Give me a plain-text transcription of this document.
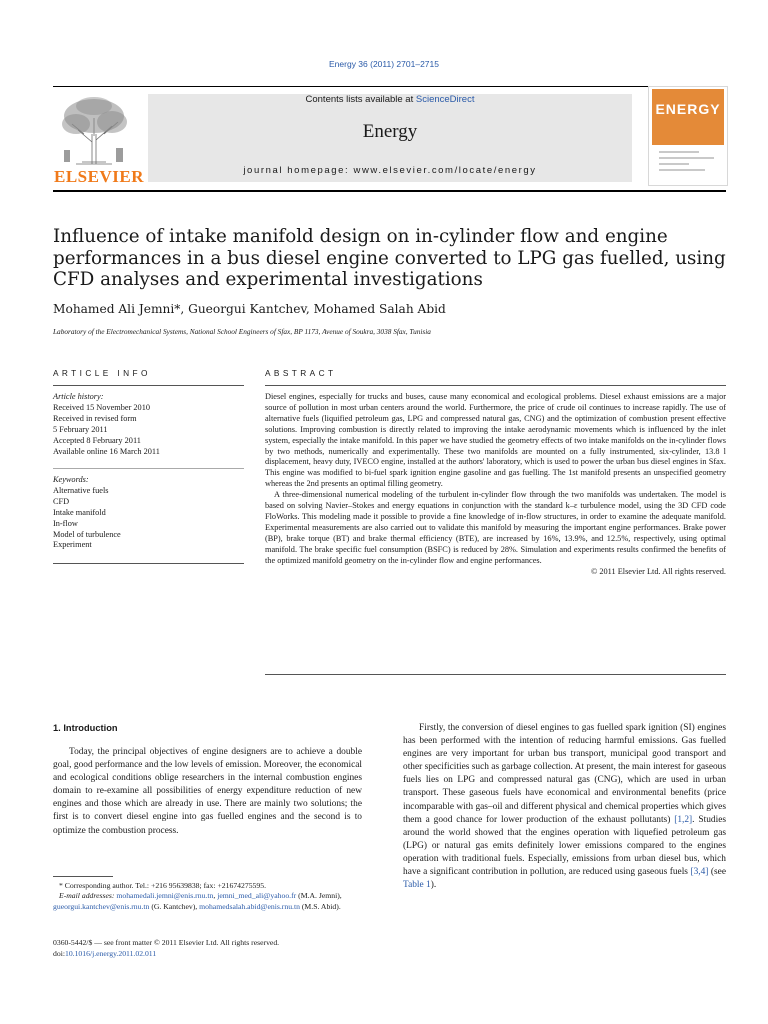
Energy 36 (2011) 2701–2715
ELSEVIER
Contents lists available at ScienceDirect
Energy
journal homepage: www.elsevier.com/locate/energy
ENERGY
Influence of intake manifold design on in-cylinder flow and engine performances in a bus diesel engine converted to LPG gas fuelled, using CFD analyses and experimental investigations
Mohamed Ali Jemni*, Gueorgui Kantchev, Mohamed Salah Abid
Laboratory of the Electromechanical Systems, National School Engineers of Sfax, BP 1173, Avenue of Soukra, 3038 Sfax, Tunisia
ARTICLE INFO	ABSTRACT
Article history:
Received 15 November 2010
Received in revised form
5 February 2011
Accepted 8 February 2011
Available online 16 March 2011
Keywords:
Alternative fuels
CFD
Intake manifold
In-flow
Model of turbulence
Experiment

Diesel engines, especially for trucks and buses, cause many economical and ecological problems. Diesel exhaust emissions are a major source of pollution in most urban centers around the world. Furthermore, the price of crude oil continues to increase rapidly. The use of alternative fuels (liquified petroleum gas, LPG and compressed natural gas, CNG) and the optimization of combustion present effective solutions. Improving combustion is directly related to improving the intake aerodynamic movements which is influenced by the inlet system, especially the intake manifold. In this paper we have studied the geometry effects of two intake manifolds on the in-cylinder flows by two methods, numerically and experimentally. These two manifolds are mounted on a fully instrumented, six-cylinder, 13.8 l displacement, heavy duty, IVECO engine, installed at the authors' laboratory, which is used to power the urban bus diesel engines in Sfax. This engine was modified to bi-fuel spark ignition engine gasoline and gas fuelling. The 1st manifold presents an unspecified geometry whereas the 2nd presents an optimal filling geometry.

A three-dimensional numerical modeling of the turbulent in-cylinder flow through the two manifolds was undertaken. The model is based on solving Navier–Stokes and energy equations in conjunction with the standard k–ε turbulence model, using the 3D CFD code FloWorks. This modeling made it possible to provide a fine knowledge of in-flow structures, in order to examine the adequate manifold. Experimental measurements are also carried out to validate this manifold by measuring the important engine performances. Brake power (BP), brake torque (BT) and brake thermal efficiency (BTE), are increased by 16%, 13.9%, and 12.5%, respectively, using optimal manifold. The brake specific fuel consumption (BSFC) is reduced by 28%. Simulation and experiments results confirmed the benefits of the optimized manifold geometry on the in-cylinder flow and engine performances.

© 2011 Elsevier Ltd. All rights reserved.

1. Introduction

Today, the principal objectives of engine designers are to achieve a double goal, good performance and the low levels of emission. Moreover, the economical and ecological conditions oblige researchers in the internal combustion engines domain to re-examine all possibilities of energy expenditure reduction of new engines and those which are already in use. There are mainly two solutions; the first is to convert diesel engine into gas fuelled engines and the second is to optimize the combustion process.

Firstly, the conversion of diesel engines to gas fuelled spark ignition (SI) engines has been performed with the intention of reducing harmful emissions. Gas fuelled engines are very important for urban bus transport, municipal good transport and other specificities such as garbage collection. At present, the main interest for gaseous fuels lies on LPG and compressed natural gas (CNG), which are used in urban transport. These gaseous fuels have economical and environmental benefits (price incomparable with gas–oil and different physical and chemical properties which gives them a good chance for lower production of the exhaust pollutants) [1,2]. Studies around the world showed that the engines operation with liquefied petroleum gas (LPG) or natural gas emits definitely lower emissions compared to the engines operation with traditional fuels. Especially, emissions from urban diesel bus, which have a significant contribution in pollution, are reduced using gaseous fuels [3,4] (see Table 1).

* Corresponding author. Tel.: +216 95639838; fax: +21674275595.

E-mail addresses: mohamedali.jemni@enis.rnu.tn, jemni_med_ali@yahoo.fr (M.A. Jemni), gueorgui.kantchev@enis.rnu.tn (G. Kantchev), mohamedsalah.abid@enis.rnu.tn (M.S. Abid).

0360-5442/$ — see front matter © 2011 Elsevier Ltd. All rights reserved.

doi:10.1016/j.energy.2011.02.011
